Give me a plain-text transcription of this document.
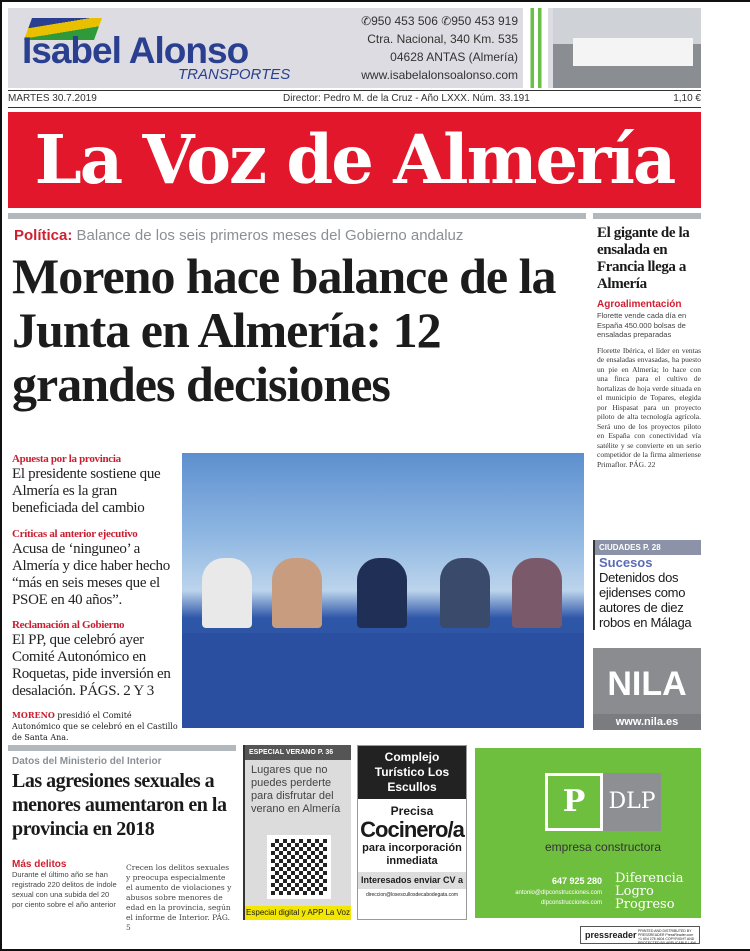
Isabel Alonso
TRANSPORTES
✆950 453 506 ✆950 453 919
Ctra. Nacional, 340 Km. 535
04628 ANTAS (Almería)
www.isabelalonsoalonso.com
MARTES 30.7.2019	Director: Pedro M. de la Cruz - Año LXXX. Núm. 33.191	1,10 €
La Voz de Almería
Política: Balance de los seis primeros meses del Gobierno andaluz
Moreno hace balance de la Junta en Almería: 12 grandes decisiones
Apuesta por la provincia
El presidente sostiene que Almería es la gran beneficiada del cambio
Críticas al anterior ejecutivo
Acusa de ‘ninguneo’ a Almería y dice haber hecho “más en seis meses que el PSOE en 40 años”.
Reclamación al Gobierno
El PP, que celebró ayer Comité Autonómico en Roquetas, pide inversión en desalación. PÁGS. 2 Y 3
MORENO presidió el Comité Autonómico que se celebró en el Castillo de Santa Ana.
El gigante de la ensalada en Francia llega a Almería
Agroalimentación
Florette vende cada día en España 450.000 bolsas de ensaladas preparadas
Florette Ibérica, el líder en ventas de ensaladas envasadas, ha puesto un pie en Almería; lo hace con una finca para el cultivo de hortalizas de hoja verde situada en el municipio de Topares, elegida por Hispasat para un proyecto piloto de alta tecnología agrícola. Será uno de los proyectos piloto en España con conectividad vía satélite y se convierte en un serio competidor de la firma almeriense Primaflor. PÁG. 22
CIUDADES P. 28
Sucesos
Detenidos dos ejidenses como autores de diez robos en Málaga
NILA
www.nila.es
Datos del Ministerio del Interior
Las agresiones sexuales a menores aumentaron en la provincia en 2018
Más delitos
Durante el último año se han registrado 220 delitos de índole sexual con una subida del 20 por ciento sobre el año anterior
Crecen los delitos sexuales y preocupa especialmente el aumento de violaciones y abusos sobre menores de edad en la provincia, según el informe de Interior. PÁG. 5
ESPECIAL VERANO P. 36
Lugares que no puedes perderte para disfrutar del verano en Almería
Especial digital y APP La Voz
Complejo Turístico Los Escullos
Precisa
Cocinero/a
para incorporación inmediata
Interesados enviar CV a
direccion@losescullosdecabodegata.com
P	DLP
empresa constructora
647 925 280
antonio@dlpconstrucciones.com
dlpconstrucciones.com
Diferencia
Logro
Progreso
pressreader PRINTED AND DISTRIBUTED BY PRESSREADER PressReader.com +1 604 278 4604 COPYRIGHT AND PROTECTED BY APPLICABLE LAW
